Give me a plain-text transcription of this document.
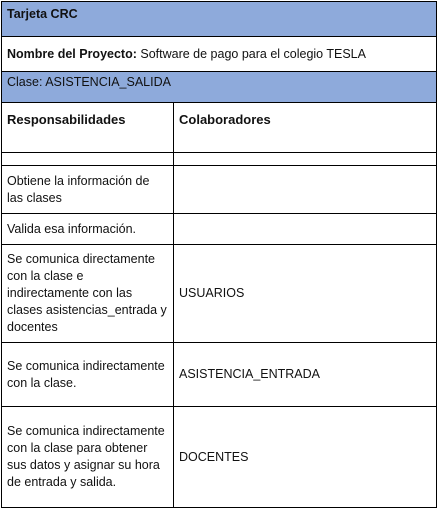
Tarjeta CRC	
Nombre del Proyecto: Software de pago para el colegio TESLA	
Clase: ASISTENCIA_SALIDA	
Responsabilidades	Colaboradores

Obtiene la información de las clases	
Valida esa información.	
Se comunica directamente con la clase e indirectamente con las clases asistencias_entrada y docentes	USUARIOS
Se comunica indirectamente con la clase.	ASISTENCIA_ENTRADA
Se comunica indirectamente con la clase para obtener sus datos y asignar su hora de entrada y salida.	DOCENTES
